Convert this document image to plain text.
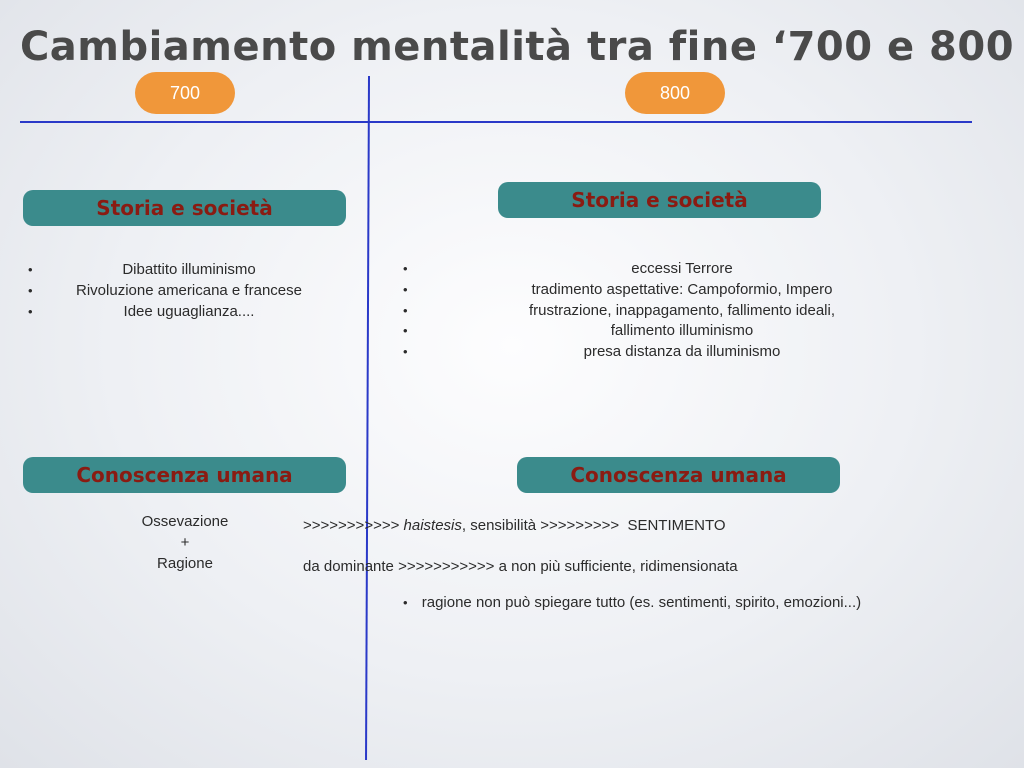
Cambiamento mentalità tra fine ‘700 e 800
700	800
Storia e società
•	Dibattito illuminismo
•	Rivoluzione americana e francese
•	Idee uguaglianza....
Conoscenza umana
Ossevazione
+
Ragione
Storia e società
•	eccessi Terrore
•	tradimento aspettative: Campoformio, Impero
•	frustrazione, inappagamento, fallimento ideali,
•	fallimento illuminismo
•	presa distanza da illuminismo
Conoscenza umana
>>>>>>>>>>> haistesis, sensibilità >>>>>>>>> SENTIMENTO
da dominante >>>>>>>>>>> a non più sufficiente, ridimensionata
• ragione non può spiegare tutto (es. sentimenti, spirito, emozioni...)
